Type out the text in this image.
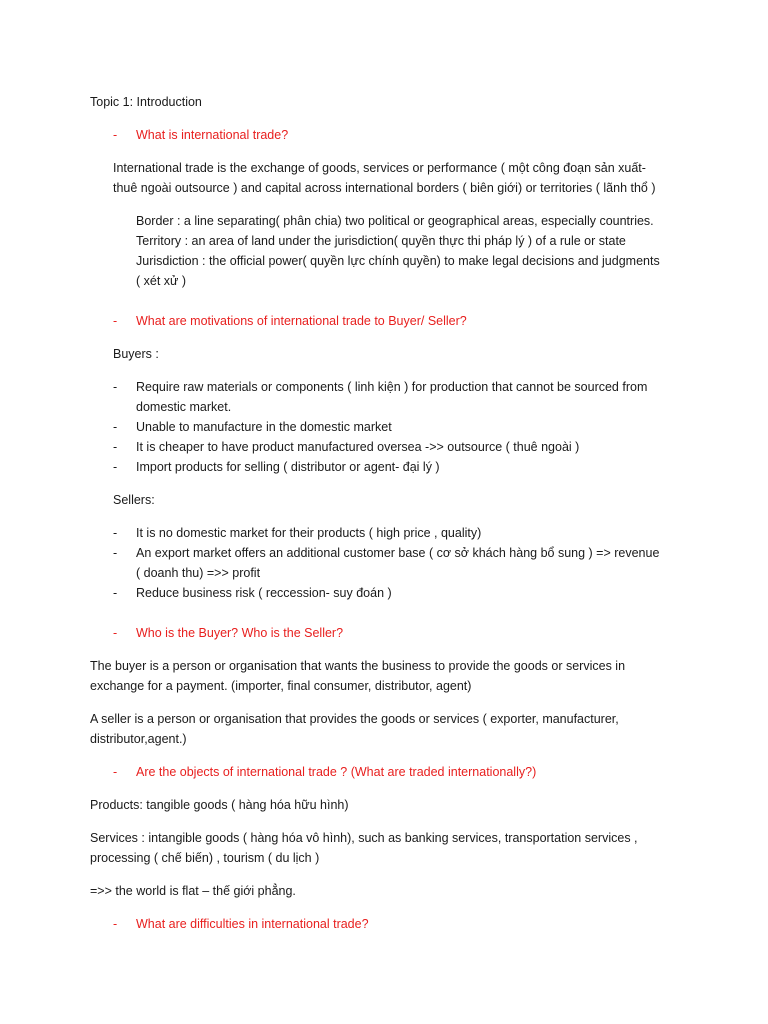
Topic 1: Introduction
- What is international trade?
International trade is the exchange of goods, services or performance ( một công đoạn sản xuất-
thuê ngoài outsource ) and capital across international borders ( biên giới) or territories ( lãnh thổ )
Border : a line separating( phân chia) two political or geographical areas, especially countries.
Territory : an area of land under the jurisdiction( quyền thực thi pháp lý ) of a rule or state
Jurisdiction : the official power( quyền lực chính quyền) to make legal decisions and judgments
( xét xử )
- What are motivations of international trade to Buyer/ Seller?
Buyers :
- Require raw materials or components ( linh kiện ) for production that cannot be sourced from
domestic market.
- Unable to manufacture in the domestic market
- It is cheaper to have product manufactured oversea ->> outsource ( thuê ngoài )
- Import products for selling ( distributor or agent- đại lý )
Sellers:
- It is no domestic market for their products ( high price , quality)
- An export market offers an additional customer base ( cơ sở khách hàng bổ sung ) => revenue
( doanh thu) =>> profit
- Reduce business risk ( reccession- suy đoán )
- Who is the Buyer? Who is the Seller?
The buyer is a person or organisation that wants the business to provide the goods or services in
exchange for a payment. (importer, final consumer, distributor, agent)
A seller is a person or organisation that provides the goods or services ( exporter, manufacturer,
distributor,agent.)
- Are the objects of international trade ? (What are traded internationally?)
Products: tangible goods ( hàng hóa hữu hình)
Services : intangible goods ( hàng hóa vô hình), such as banking services, transportation services ,
processing ( chế biến) , tourism ( du lịch )
=>> the world is flat – thế giới phẳng.
- What are difficulties in international trade?
